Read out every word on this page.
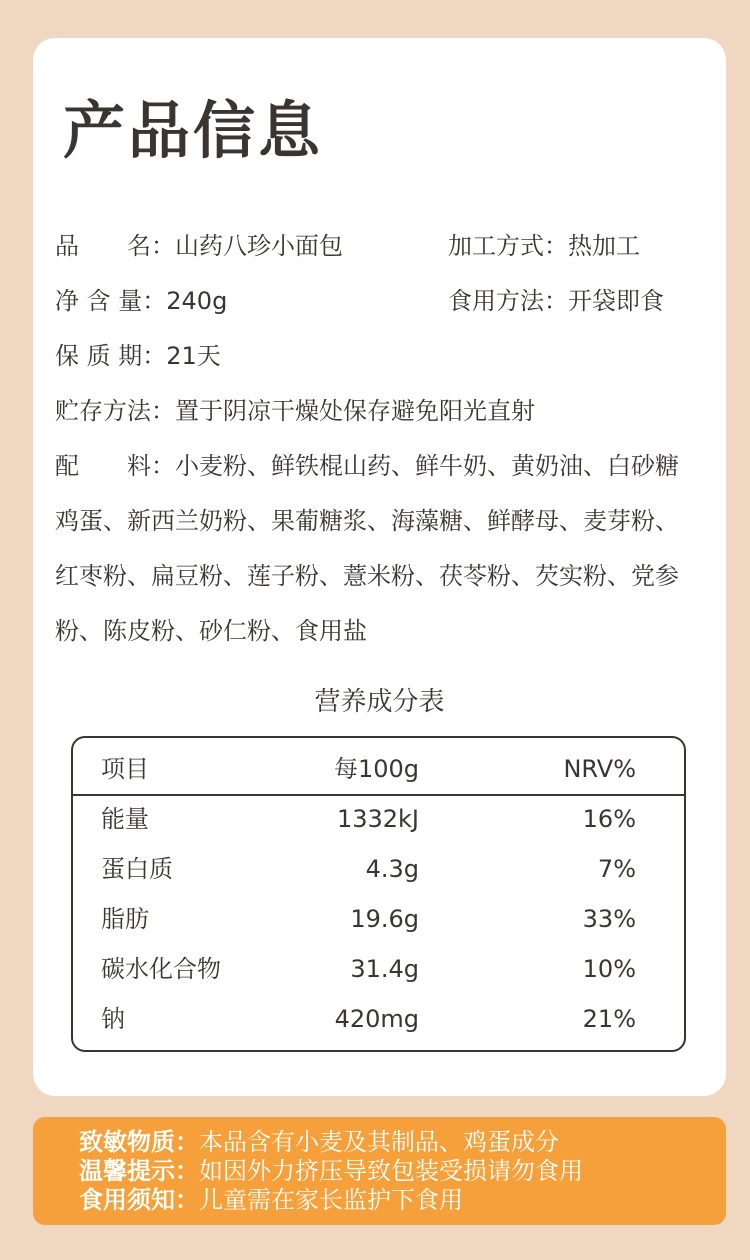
产品信息
品　　名：山药八珍小面包	加工方式：热加工
净 含 量：240g	食用方法：开袋即食
保 质 期：21天
贮存方法：置于阴凉干燥处保存避免阳光直射
配　　料：小麦粉、鲜铁棍山药、鲜牛奶、黄奶油、白砂糖
鸡蛋、新西兰奶粉、果葡糖浆、海藻糖、鲜酵母、麦芽粉、
红枣粉、扁豆粉、莲子粉、薏米粉、茯苓粉、芡实粉、党参
粉、陈皮粉、砂仁粉、食用盐
营养成分表
项目	每100g	NRV%
能量	1332kJ	16%
蛋白质	4.3g	7%
脂肪	19.6g	33%
碳水化合物	31.4g	10%
钠	420mg	21%
致敏物质：本品含有小麦及其制品、鸡蛋成分
温馨提示：如因外力挤压导致包装受损请勿食用
食用须知：儿童需在家长监护下食用
